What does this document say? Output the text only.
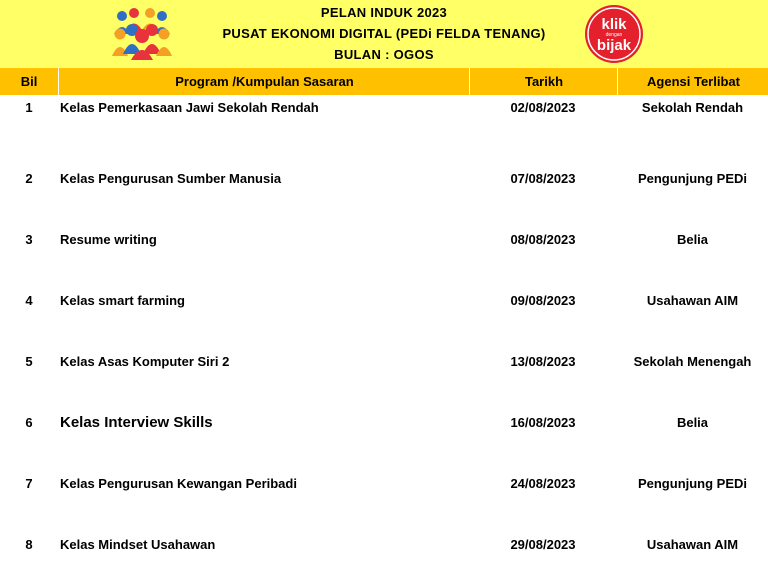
PELAN INDUK 2023
PUSAT EKONOMI DIGITAL (PEDi FELDA TENANG)
BULAN : OGOS
klik
dengan
bijak
Bil	Program /Kumpulan Sasaran	Tarikh	Agensi Terlibat
1	Kelas Pemerkasaan Jawi Sekolah Rendah	02/08/2023	Sekolah Rendah
2	Kelas Pengurusan Sumber Manusia	07/08/2023	Pengunjung PEDi
3	Resume writing	08/08/2023	Belia
4	Kelas smart farming	09/08/2023	Usahawan AIM
5	Kelas Asas Komputer Siri 2	13/08/2023	Sekolah Menengah
6	Kelas Interview Skills	16/08/2023	Belia
7	Kelas Pengurusan Kewangan Peribadi	24/08/2023	Pengunjung PEDi
8	Kelas Mindset Usahawan	29/08/2023	Usahawan AIM
